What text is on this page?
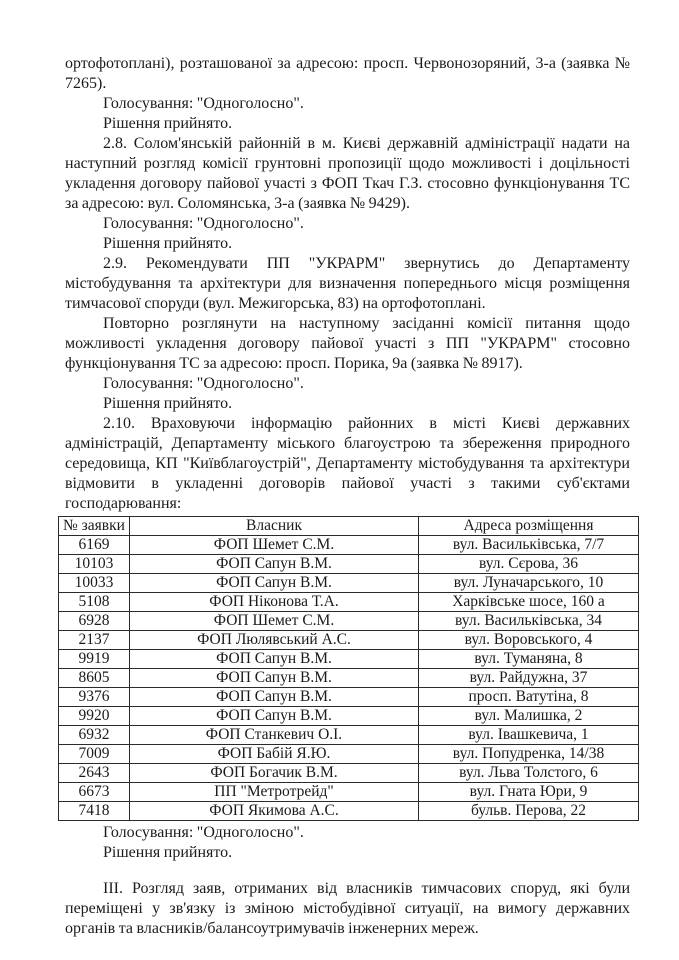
ортофотоплані), розташованої за адресою: просп. Червонозоряний, 3-а (заявка № 7265).

Голосування: "Одноголосно".

Рішення прийнято.

2.8. Солом'янській районній в м. Києві державній адміністрації надати на наступний розгляд комісії грунтовні пропозиції щодо можливості і доцільності укладення договору пайової участі з ФОП Ткач Г.З. стосовно функціонування ТС за адресою: вул. Соломянська, 3-а (заявка № 9429).

Голосування: "Одноголосно".

Рішення прийнято.

2.9. Рекомендувати ПП "УКРАРМ" звернутись до Департаменту містобудування та архітектури для визначення попереднього місця розміщення тимчасової споруди (вул. Межигорська, 83) на ортофотоплані.

Повторно розглянути на наступному засіданні комісії питання щодо можливості укладення договору пайової участі з ПП "УКРАРМ" стосовно функціонування ТС за адресою: просп. Порика, 9а (заявка № 8917).

Голосування: "Одноголосно".

Рішення прийнято.

2.10. Враховуючи інформацію районних в місті Києві державних адміністрацій, Департаменту міського благоустрою та збереження природного середовища, КП "Київблагоустрій", Департаменту містобудування та архітектури відмовити в укладенні договорів пайової участі з такими суб'єктами господарювання:

№ заявки	Власник	Адреса розміщення
6169	ФОП Шемет С.М.	вул. Васильківська, 7/7
10103	ФОП Сапун В.М.	вул. Сєрова, 36
10033	ФОП Сапун В.М.	вул. Луначарського, 10
5108	ФОП Ніконова Т.А.	Харківське шосе, 160 а
6928	ФОП Шемет С.М.	вул. Васильківська, 34
2137	ФОП Люлявський А.С.	вул. Воровського, 4
9919	ФОП Сапун В.М.	вул. Туманяна, 8
8605	ФОП Сапун В.М.	вул. Райдужна, 37
9376	ФОП Сапун В.М.	просп. Ватутіна, 8
9920	ФОП Сапун В.М.	вул. Малишка, 2
6932	ФОП Станкевич О.І.	вул. Івашкевича, 1
7009	ФОП Бабій Я.Ю.	вул. Попудренка, 14/38
2643	ФОП Богачик В.М.	вул. Льва Толстого, 6
6673	ПП "Метротрейд"	вул. Гната Юри, 9
7418	ФОП Якимова А.С.	бульв. Перова, 22

Голосування: "Одноголосно".

Рішення прийнято.

ІІІ. Розгляд заяв, отриманих від власників тимчасових споруд, які були переміщені у зв'язку із зміною містобудівної ситуації, на вимогу державних органів та власників/балансоутримувачів інженерних мереж.
